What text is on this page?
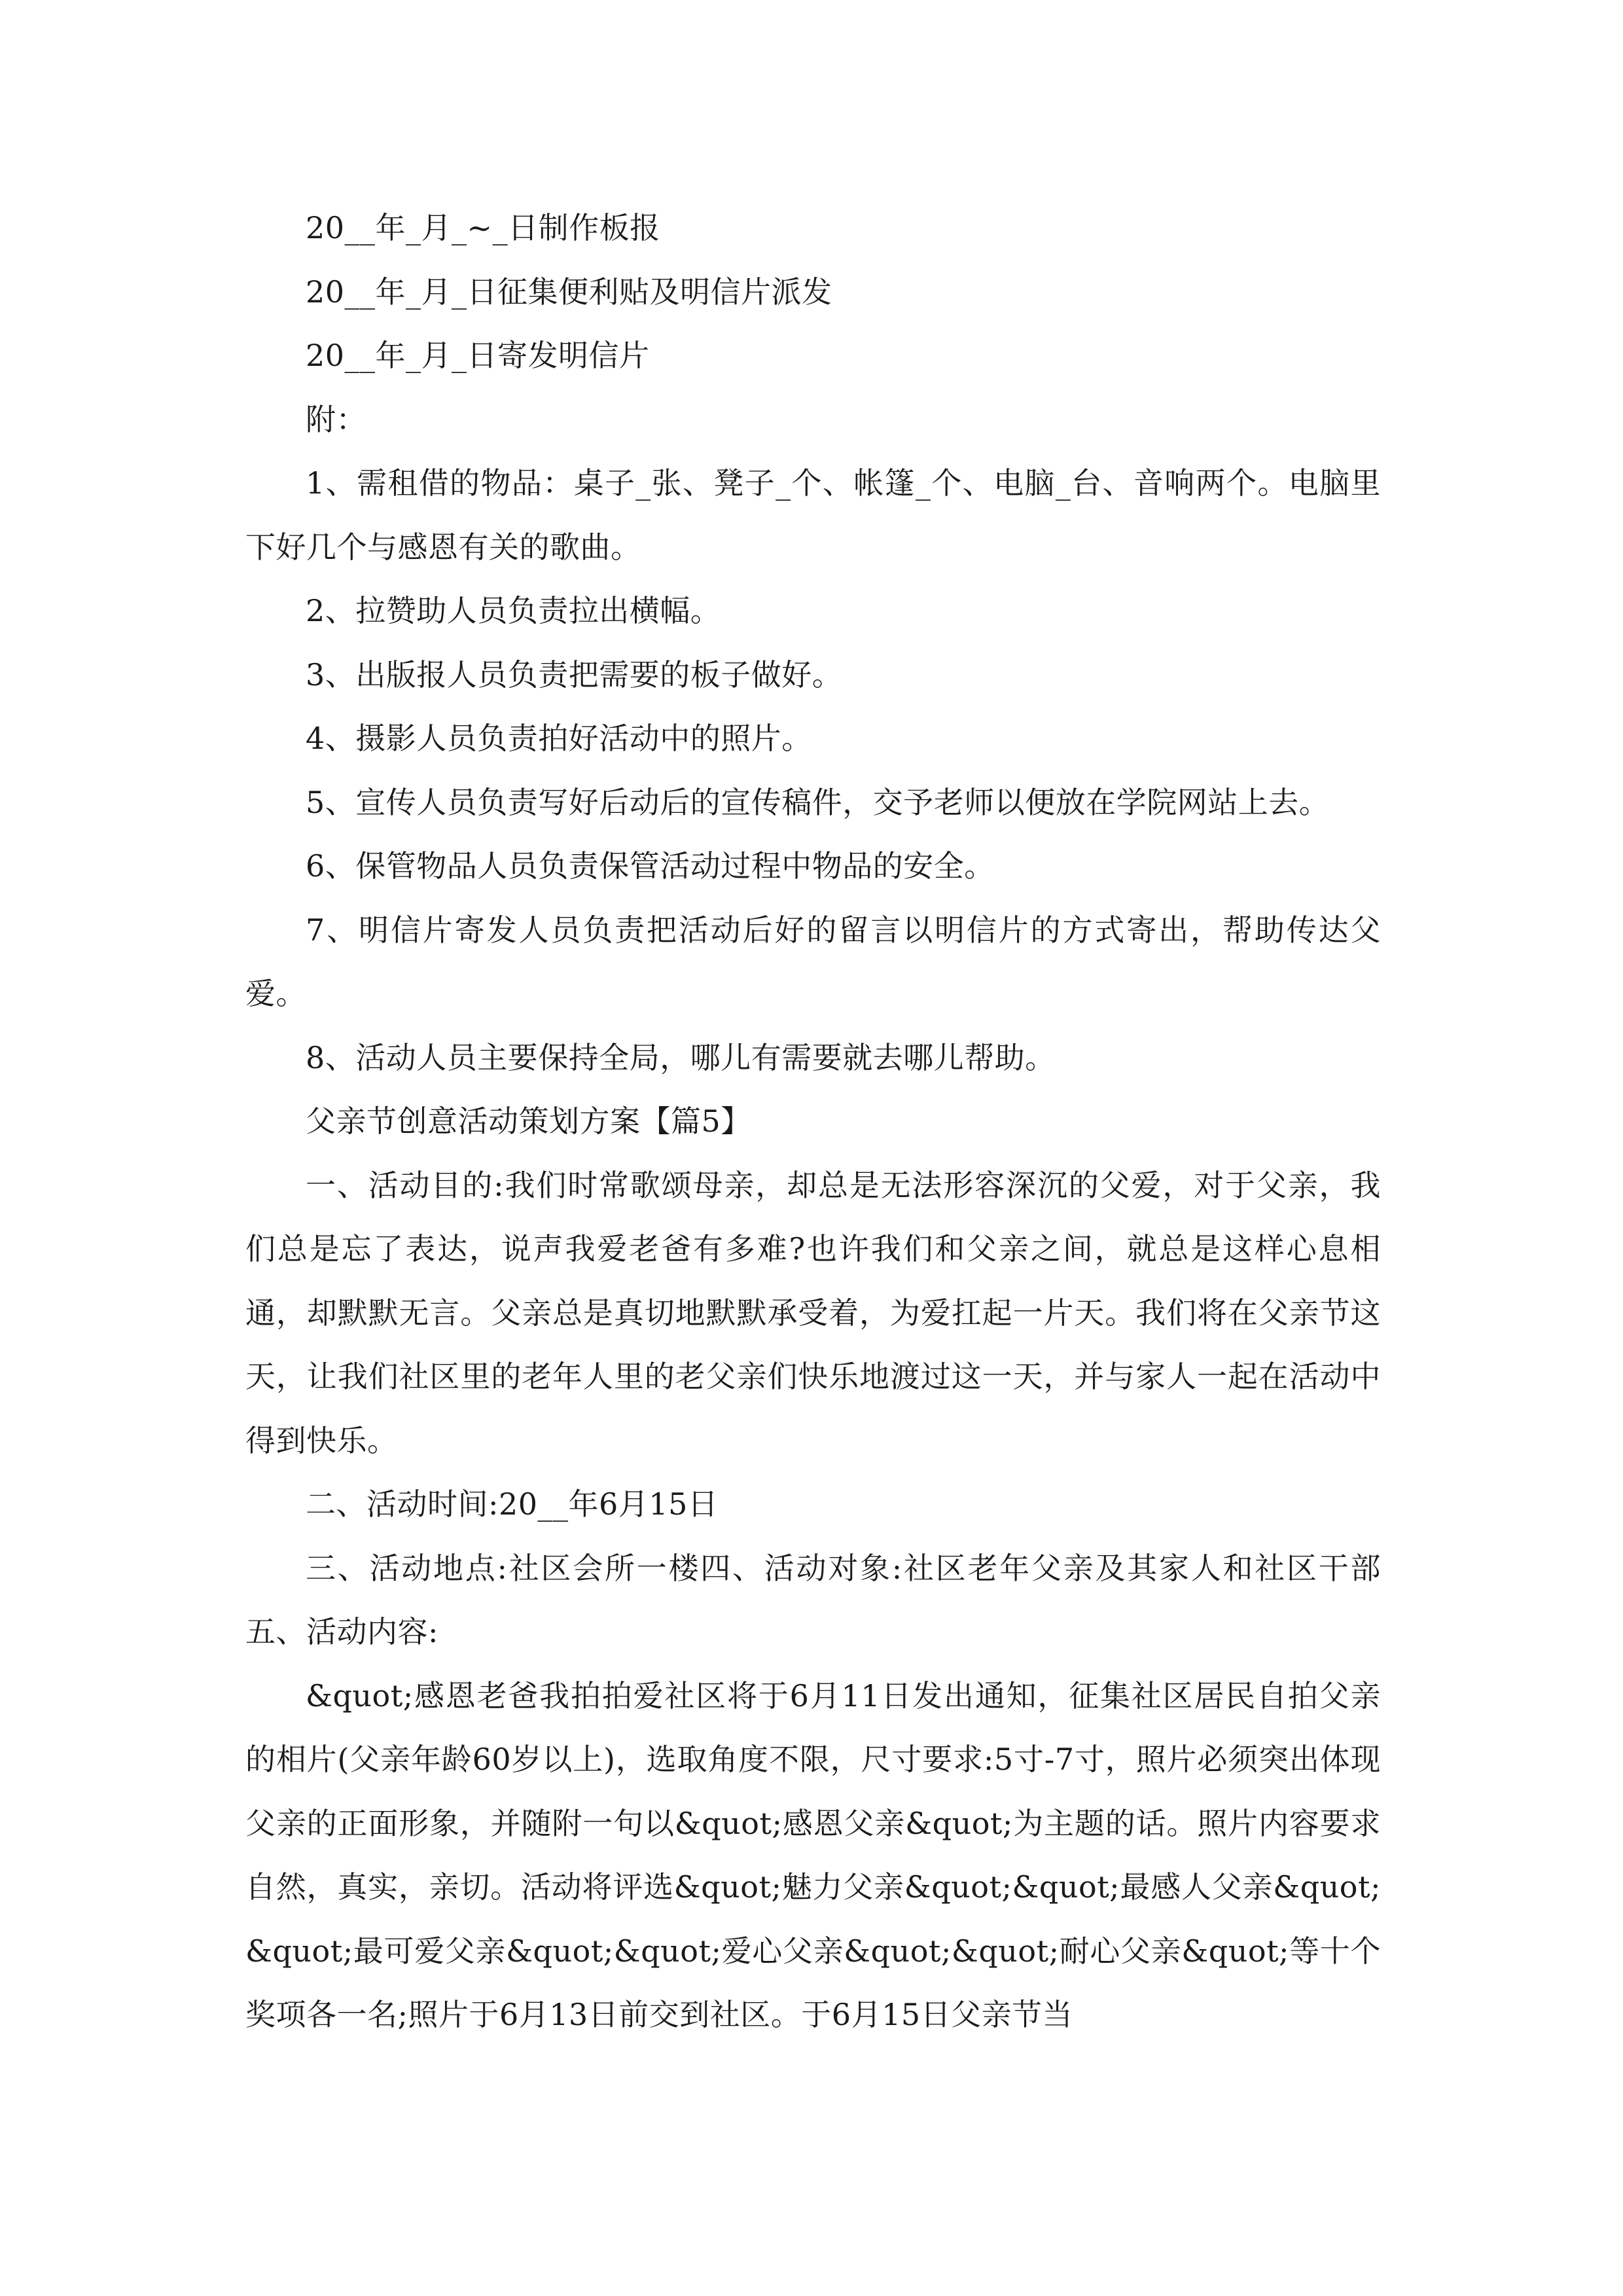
20__年_月_~_日制作板报

20__年_月_日征集便利贴及明信片派发

20__年_月_日寄发明信片

附：

1、需租借的物品：桌子_张、凳子_个、帐篷_个、电脑_台、音响两个。电脑里下好几个与感恩有关的歌曲。

2、拉赞助人员负责拉出横幅。

3、出版报人员负责把需要的板子做好。

4、摄影人员负责拍好活动中的照片。

5、宣传人员负责写好后动后的宣传稿件，交予老师以便放在学院网站上去。

6、保管物品人员负责保管活动过程中物品的安全。

7、明信片寄发人员负责把活动后好的留言以明信片的方式寄出，帮助传达父爱。

8、活动人员主要保持全局，哪儿有需要就去哪儿帮助。

父亲节创意活动策划方案【篇5】

一、活动目的:我们时常歌颂母亲，却总是无法形容深沉的父爱，对于父亲，我们总是忘了表达，说声我爱老爸有多难?也许我们和父亲之间，就总是这样心息相通，却默默无言。父亲总是真切地默默承受着，为爱扛起一片天。我们将在父亲节这天，让我们社区里的老年人里的老父亲们快乐地渡过这一天，并与家人一起在活动中得到快乐。

二、活动时间:20__年6月15日

三、活动地点:社区会所一楼四、活动对象:社区老年父亲及其家人和社区干部五、活动内容:

&quot;感恩老爸我拍拍爱社区将于6月11日发出通知，征集社区居民自拍父亲的相片(父亲年龄60岁以上)，选取角度不限，尺寸要求:5寸-7寸，照片必须突出体现父亲的正面形象，并随附一句以&quot;感恩父亲&quot;为主题的话。照片内容要求自然，真实，亲切。活动将评选&quot;魅力父亲&quot;&quot;最感人父亲&quot;&quot;最可爱父亲&quot;&quot;爱心父亲&quot;&quot;耐心父亲&quot;等十个奖项各一名;照片于6月13日前交到社区。于6月15日父亲节当
